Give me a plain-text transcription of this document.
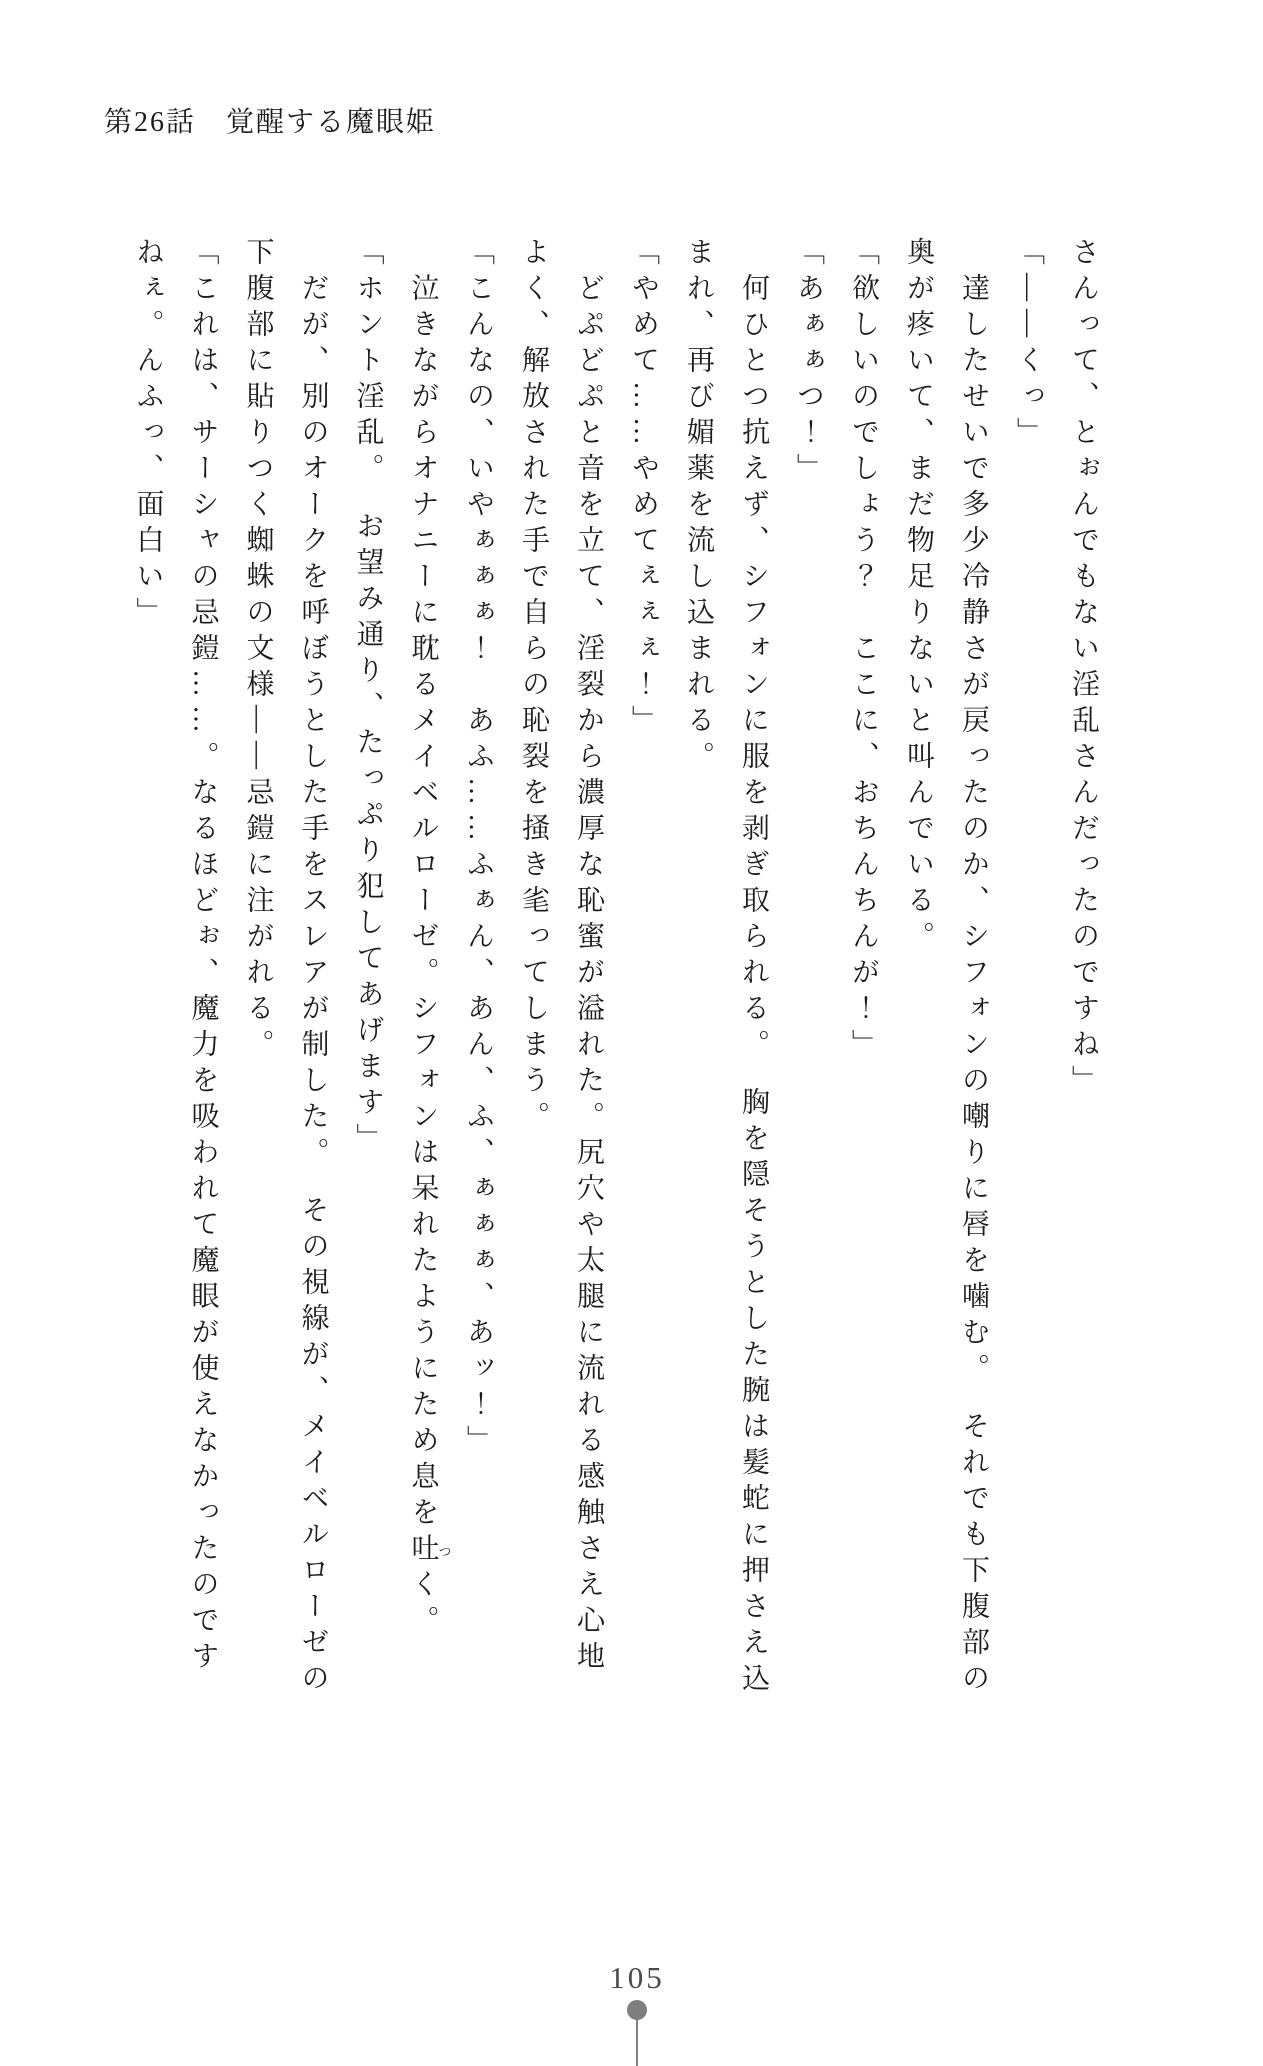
第26話　覚醒する魔眼姫
さんって、とぉんでもない淫乱さんだったのですね」
「——くっ」
　達したせいで多少冷静さが戻ったのか、シフォンの嘲りに唇を噛む。　それでも下腹部の
奥が疼いて、まだ物足りないと叫んでいる。
「欲しいのでしょう？　ここに、おちんちんが！」
「あぁぁつ！」
　何ひとつ抗えず、シフォンに服を剥ぎ取られる。　胸を隠そうとした腕は髪蛇に押さえ込
まれ、再び媚薬を流し込まれる。
「やめて……やめてぇぇぇ！」
　どぷどぷと音を立て、淫裂から濃厚な恥蜜が溢れた。尻穴や太腿に流れる感触さえ心地
よく、解放された手で自らの恥裂を掻き毟ってしまう。
「こんなの、いやぁぁぁ！　あふ……ふぁん、あん、ふ、ぁぁぁ、あッ！」
　泣きながらオナニーに耽るメイベルローゼ。シフォンは呆れたようにため息を吐つく。
「ホント淫乱。　お望み通り、たっぷり犯してあげます」
　だが、別のオークを呼ぼうとした手をスレアが制した。　その視線が、メイベルローゼの
下腹部に貼りつく蜘蛛の文様——忌鎧に注がれる。
「これは、サーシャの忌鎧……。なるほどぉ、魔力を吸われて魔眼が使えなかったのです
ねぇ。んふっ、面白い」
105
